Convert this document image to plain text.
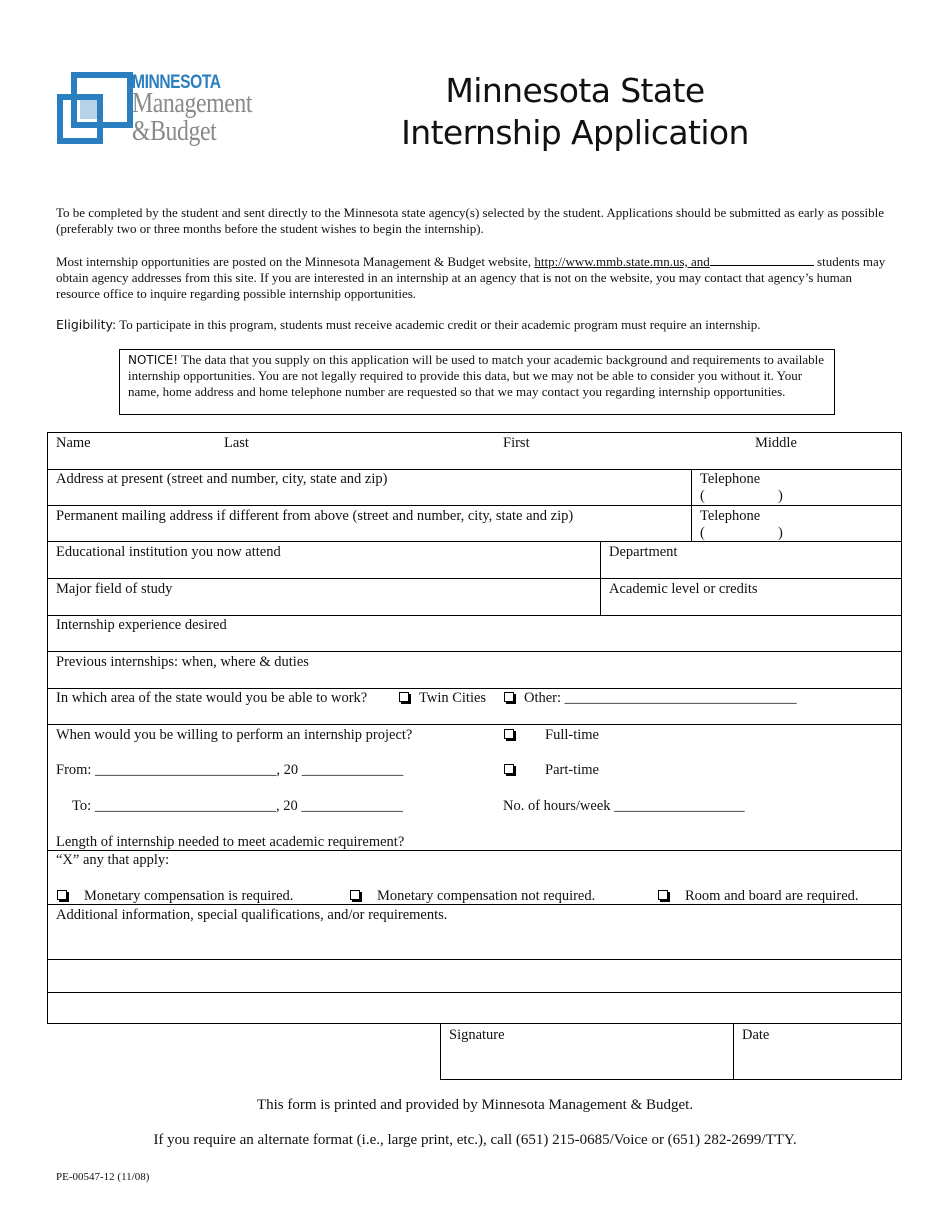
MINNESOTA
Management
&Budget
Minnesota State
Internship Application
To be completed by the student and sent directly to the Minnesota state agency(s) selected by the student. Applications should be submitted as early as possible (preferably two or three months before the student wishes to begin the internship).
Most internship opportunities are posted on the Minnesota Management & Budget website, http://www.mmb.state.mn.us, and	students may obtain agency addresses from this site. If you are interested in an internship at an agency that is not on the website, you may contact that agency’s human resource office to inquire regarding possible internship opportunities.
Eligibility: To participate in this program, students must receive academic credit or their academic program must require an internship.
NOTICE! The data that you supply on this application will be used to match your academic background and requirements to available internship opportunities. You are not legally required to provide this data, but we may not be able to consider you without it. Your name, home address and home telephone number are requested so that we may contact you regarding internship opportunities.
Name	Last	First	Middle
Address at present (street and number, city, state and zip)	Telephone
(	)
Permanent mailing address if different from above (street and number, city, state and zip)	Telephone
(	)
Educational institution you now attend	Department
Major field of study	Academic level or credits
Internship experience desired
Previous internships: when, where & duties
In which area of the state would you be able to work?	Twin Cities	Other: ________________________________
When would you be willing to perform an internship project?	Full-time
From: _________________________, 20 ______________	Part-time
To: _________________________, 20 ______________	No. of hours/week __________________
Length of internship needed to meet academic requirement?
“X” any that apply:
Monetary compensation is required.	Monetary compensation not required.	Room and board are required.
Additional information, special qualifications, and/or requirements.
Signature	Date
This form is printed and provided by Minnesota Management & Budget.
If you require an alternate format (i.e., large print, etc.), call (651) 215-0685/Voice or (651) 282-2699/TTY.
PE-00547-12 (11/08)
